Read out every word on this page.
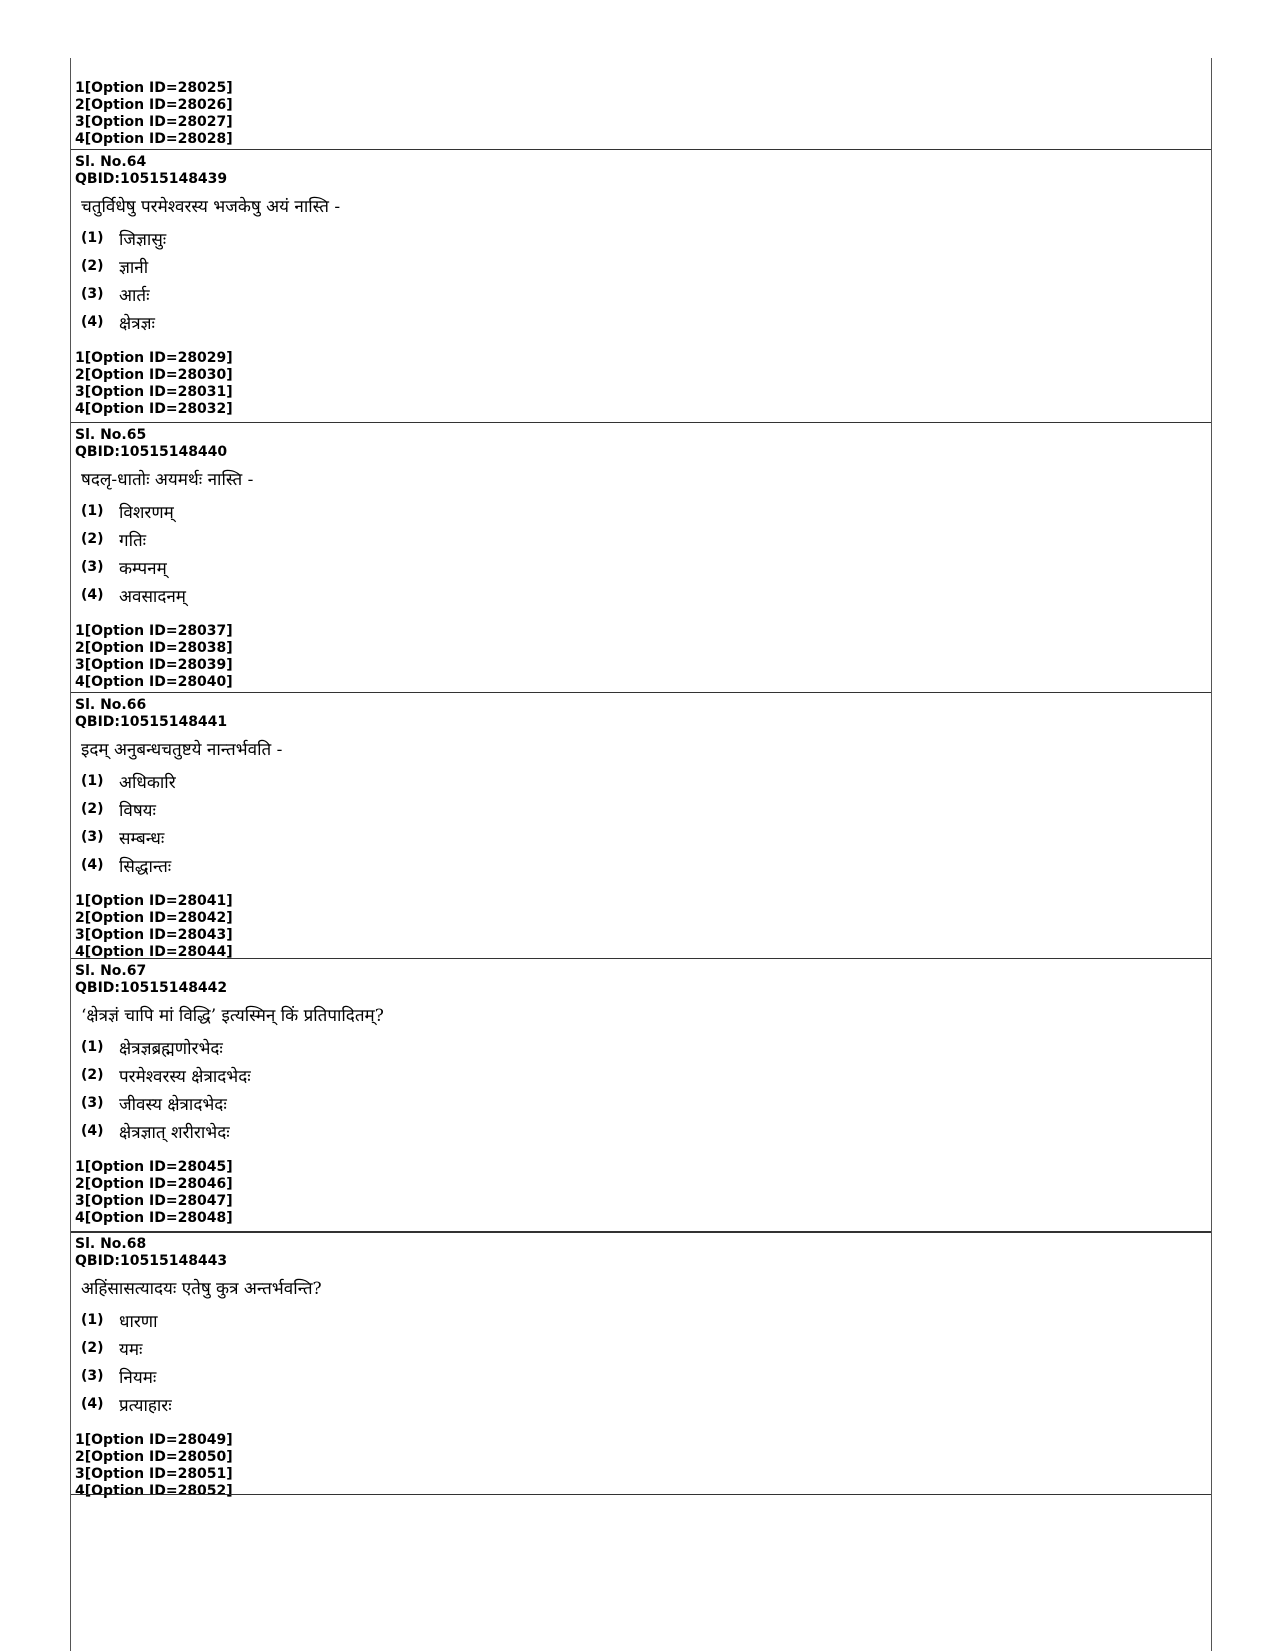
1[Option ID=28025]
2[Option ID=28026]
3[Option ID=28027]
4[Option ID=28028]
Sl. No.64
QBID:10515148439
चतुर्विधेषु परमेश्वरस्य भजकेषु अयं नास्ति -
(1) जिज्ञासुः
(2) ज्ञानी
(3) आर्तः
(4) क्षेत्रज्ञः
1[Option ID=28029]
2[Option ID=28030]
3[Option ID=28031]
4[Option ID=28032]
Sl. No.65
QBID:10515148440
षदलृ-धातोः अयमर्थः नास्ति -
(1) विशरणम्
(2) गतिः
(3) कम्पनम्
(4) अवसादनम्
1[Option ID=28037]
2[Option ID=28038]
3[Option ID=28039]
4[Option ID=28040]
Sl. No.66
QBID:10515148441
इदम् अनुबन्धचतुष्टये नान्तर्भवति -
(1) अधिकारि
(2) विषयः
(3) सम्बन्धः
(4) सिद्धान्तः
1[Option ID=28041]
2[Option ID=28042]
3[Option ID=28043]
4[Option ID=28044]
Sl. No.67
QBID:10515148442
‘क्षेत्रज्ञं चापि मां विद्धि’ इत्यस्मिन् किं प्रतिपादितम्?
(1) क्षेत्रज्ञब्रह्मणोरभेदः
(2) परमेश्वरस्य क्षेत्रादभेदः
(3) जीवस्य क्षेत्रादभेदः
(4) क्षेत्रज्ञात् शरीराभेदः
1[Option ID=28045]
2[Option ID=28046]
3[Option ID=28047]
4[Option ID=28048]
Sl. No.68
QBID:10515148443
अहिंसासत्यादयः एतेषु कुत्र अन्तर्भवन्ति?
(1) धारणा
(2) यमः
(3) नियमः
(4) प्रत्याहारः
1[Option ID=28049]
2[Option ID=28050]
3[Option ID=28051]
4[Option ID=28052]
